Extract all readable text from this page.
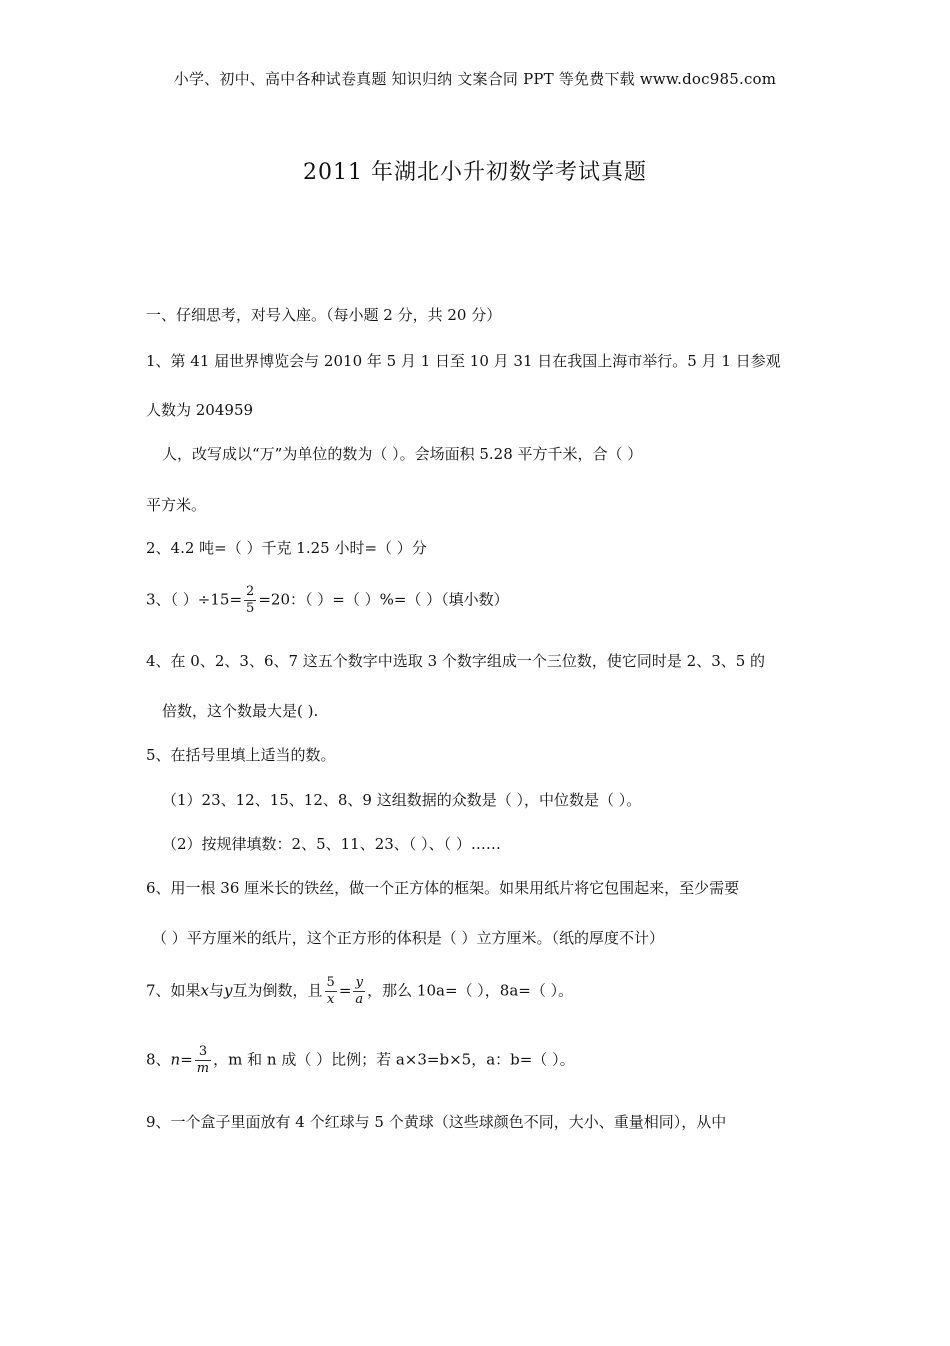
小学、初中、高中各种试卷真题 知识归纳 文案合同 PPT 等免费下载 www.doc985.com
2011 年湖北小升初数学考试真题
一、仔细思考，对号入座。（每小题 2 分，共 20 分）
1、第 41 届世界博览会与 2010 年 5 月 1 日至 10 月 31 日在我国上海市举行。5 月 1 日参观
人数为 204959
人，改写成以“万”为单位的数为（ ）。会场面积 5.28 平方千米，合（ ）
平方米。
2、4.2 吨=（ ）千克 1.25 小时=（ ）分
3、（ ）$\div 15= \frac{2}{5} =20$：（ ）=（ ）%=（ ）（填小数）
4、在 0、2、3、6、7 这五个数字中选取 3 个数字组成一个三位数，使它同时是 2、3、5 的
倍数，这个数最大是( ).
5、在括号里填上适当的数。
（1）23、12、15、12、8、9 这组数据的众数是（ ），中位数是（ ）。
（2）按规律填数：2、5、11、23、（ ）、（ ）……
6、用一根 36 厘米长的铁丝，做一个正方体的框架。如果用纸片将它包围起来，至少需要
（ ）平方厘米的纸片，这个正方形的体积是（ ）立方厘米。（纸的厚度不计）
7、如果x与y互为倒数，且 $\frac{5}{x} = \frac{y}{a}$ ，那么 10a=（ ），8a=（ ）。
8、$n= \frac{3}{m}$ ，m 和 n 成（ ）比例；若 a×3=b×5，a：b=（ ）。
9、一个盒子里面放有 4 个红球与 5 个黄球（这些球颜色不同，大小、重量相同），从中
